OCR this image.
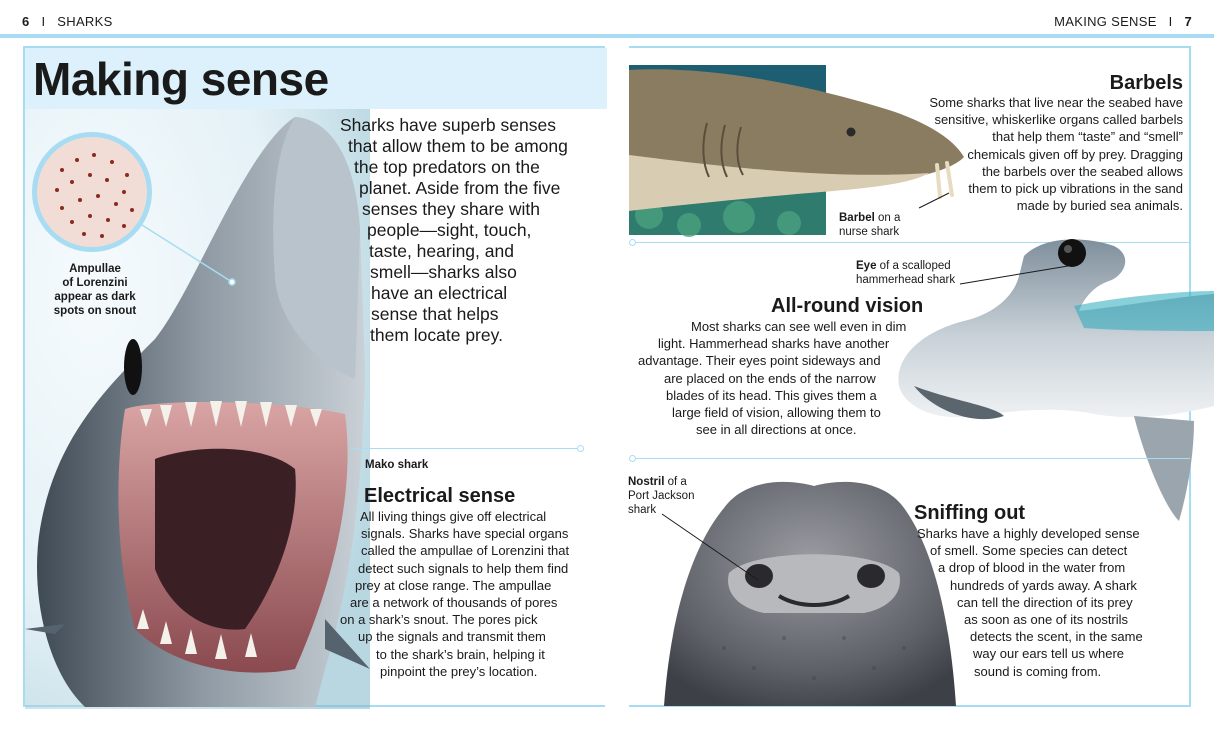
6 I SHARKS	MAKING SENSE I 7
Making sense
Ampullae
of Lorenzini
appear as dark
spots on snout
Sharks have superb senses
that allow them to be among
the top predators on the
planet. Aside from the five
senses they share with
people—sight, touch,
taste, hearing, and
smell—sharks also
have an electrical
sense that helps
them locate prey.
Mako shark
Electrical sense
All living things give off electrical
signals. Sharks have special organs
called the ampullae of Lorenzini that
detect such signals to help them find
prey at close range. The ampullae
are a network of thousands of pores
on a shark’s snout. The pores pick
up the signals and transmit them
to the shark’s brain, helping it
pinpoint the prey’s location.
Barbel on a
nurse shark
Barbels
Some sharks that live near the seabed have
sensitive, whiskerlike organs called barbels
that help them “taste” and “smell”
chemicals given off by prey. Dragging
the barbels over the seabed allows
them to pick up vibrations in the sand
made by buried sea animals.
Eye of a scalloped
hammerhead shark
All-round vision
Most sharks can see well even in dim
light. Hammerhead sharks have another
advantage. Their eyes point sideways and
are placed on the ends of the narrow
blades of its head. This gives them a
large field of vision, allowing them to
see in all directions at once.
Nostril of a
Port Jackson
shark	Sniffing out
Sharks have a highly developed sense
of smell. Some species can detect
a drop of blood in the water from
hundreds of yards away. A shark
can tell the direction of its prey
as soon as one of its nostrils
detects the scent, in the same
way our ears tell us where
sound is coming from.
